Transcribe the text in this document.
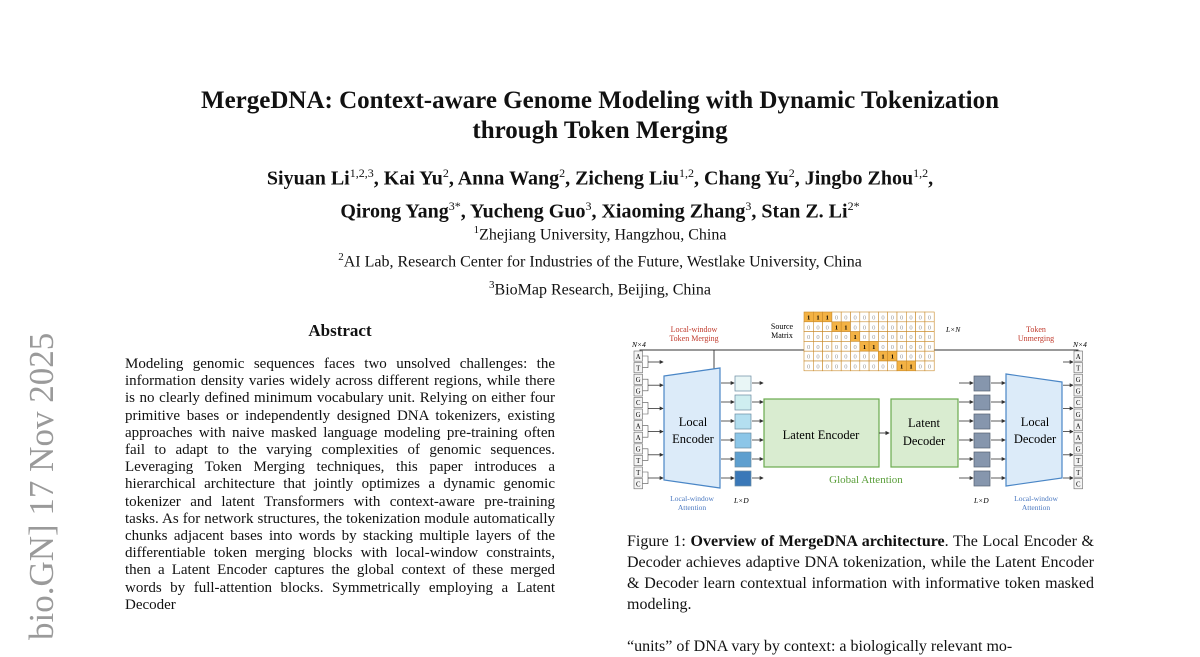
bio.GN] 17 Nov 2025
MergeDNA: Context-aware Genome Modeling with Dynamic Tokenization
through Token Merging
Siyuan Li$^{1,2,3}$, Kai Yu$^2$, Anna Wang$^2$, Zicheng Liu$^{1,2}$, Chang Yu$^2$, Jingbo Zhou$^{1,2}$,
Qirong Yang$^{3*}$, Yucheng Guo$^3$, Xiaoming Zhang$^3$, Stan Z. $Li^{2*}$
$^1$Zhejiang University, Hangzhou, China
$^2$AI Lab, Research Center for Industries of the Future, Westlake University, China
$^3$BioMap Research, Beijing, China
Abstract
Modeling genomic sequences faces two unsolved challenges: the information density varies widely across different regions, while there is no clearly defined minimum vocabulary unit. Relying on either four primitive bases or independently designed DNA tokenizers, existing approaches with naive masked language modeling pre-training often fail to adapt to the varying complexities of genomic sequences. Leveraging Token Merging techniques, this paper introduces a hierarchical architecture that jointly optimizes a dynamic genomic tokenizer and latent Transformers with context-aware pre-training tasks. As for network structures, the tokenization module automatically chunks adjacent bases into words by stacking multiple layers of the differentiable token merging blocks with local-window constraints, then a Latent Encoder captures the global context of these merged words by full-attention blocks. Symmetrically employing a Latent Decoder
N×4	N×4
Local-window
Token Merging
Source
Matrix
L×N	Token
Unmerging
1 1 1 0 0 0 0 0 0 0 0 0 0 0
0 0 0 1 1 0 0 0 0 0 0 0 0 0
0 0 0 0 0 1 0 0 0 0 0 0 0 0
0 0 0 0 0 0 1 1 0 0 0 0 0 0
0 0 0 0 0 0 0 0 1 1 0 0 0 0
0 0 0 0 0 0 0 0 0 0 1 1 0 0
A
T
G
G
C
G
A
A
G
T
T
C
A
T
G
G
C
G
A
A
G
T
T
C
Local
Encoder
Local
Decoder
Latent Encoder
Latent
Decoder
Global Attention
Local-window
Attention
L×D	L×D	Local-window
Attention
Figure 1: Overview of MergeDNA architecture. The Local Encoder & Decoder achieves adaptive DNA tokenization, while the Latent Encoder & Decoder learn contextual information with informative token masked modeling.
“units” of DNA vary by context: a biologically relevant mo-
